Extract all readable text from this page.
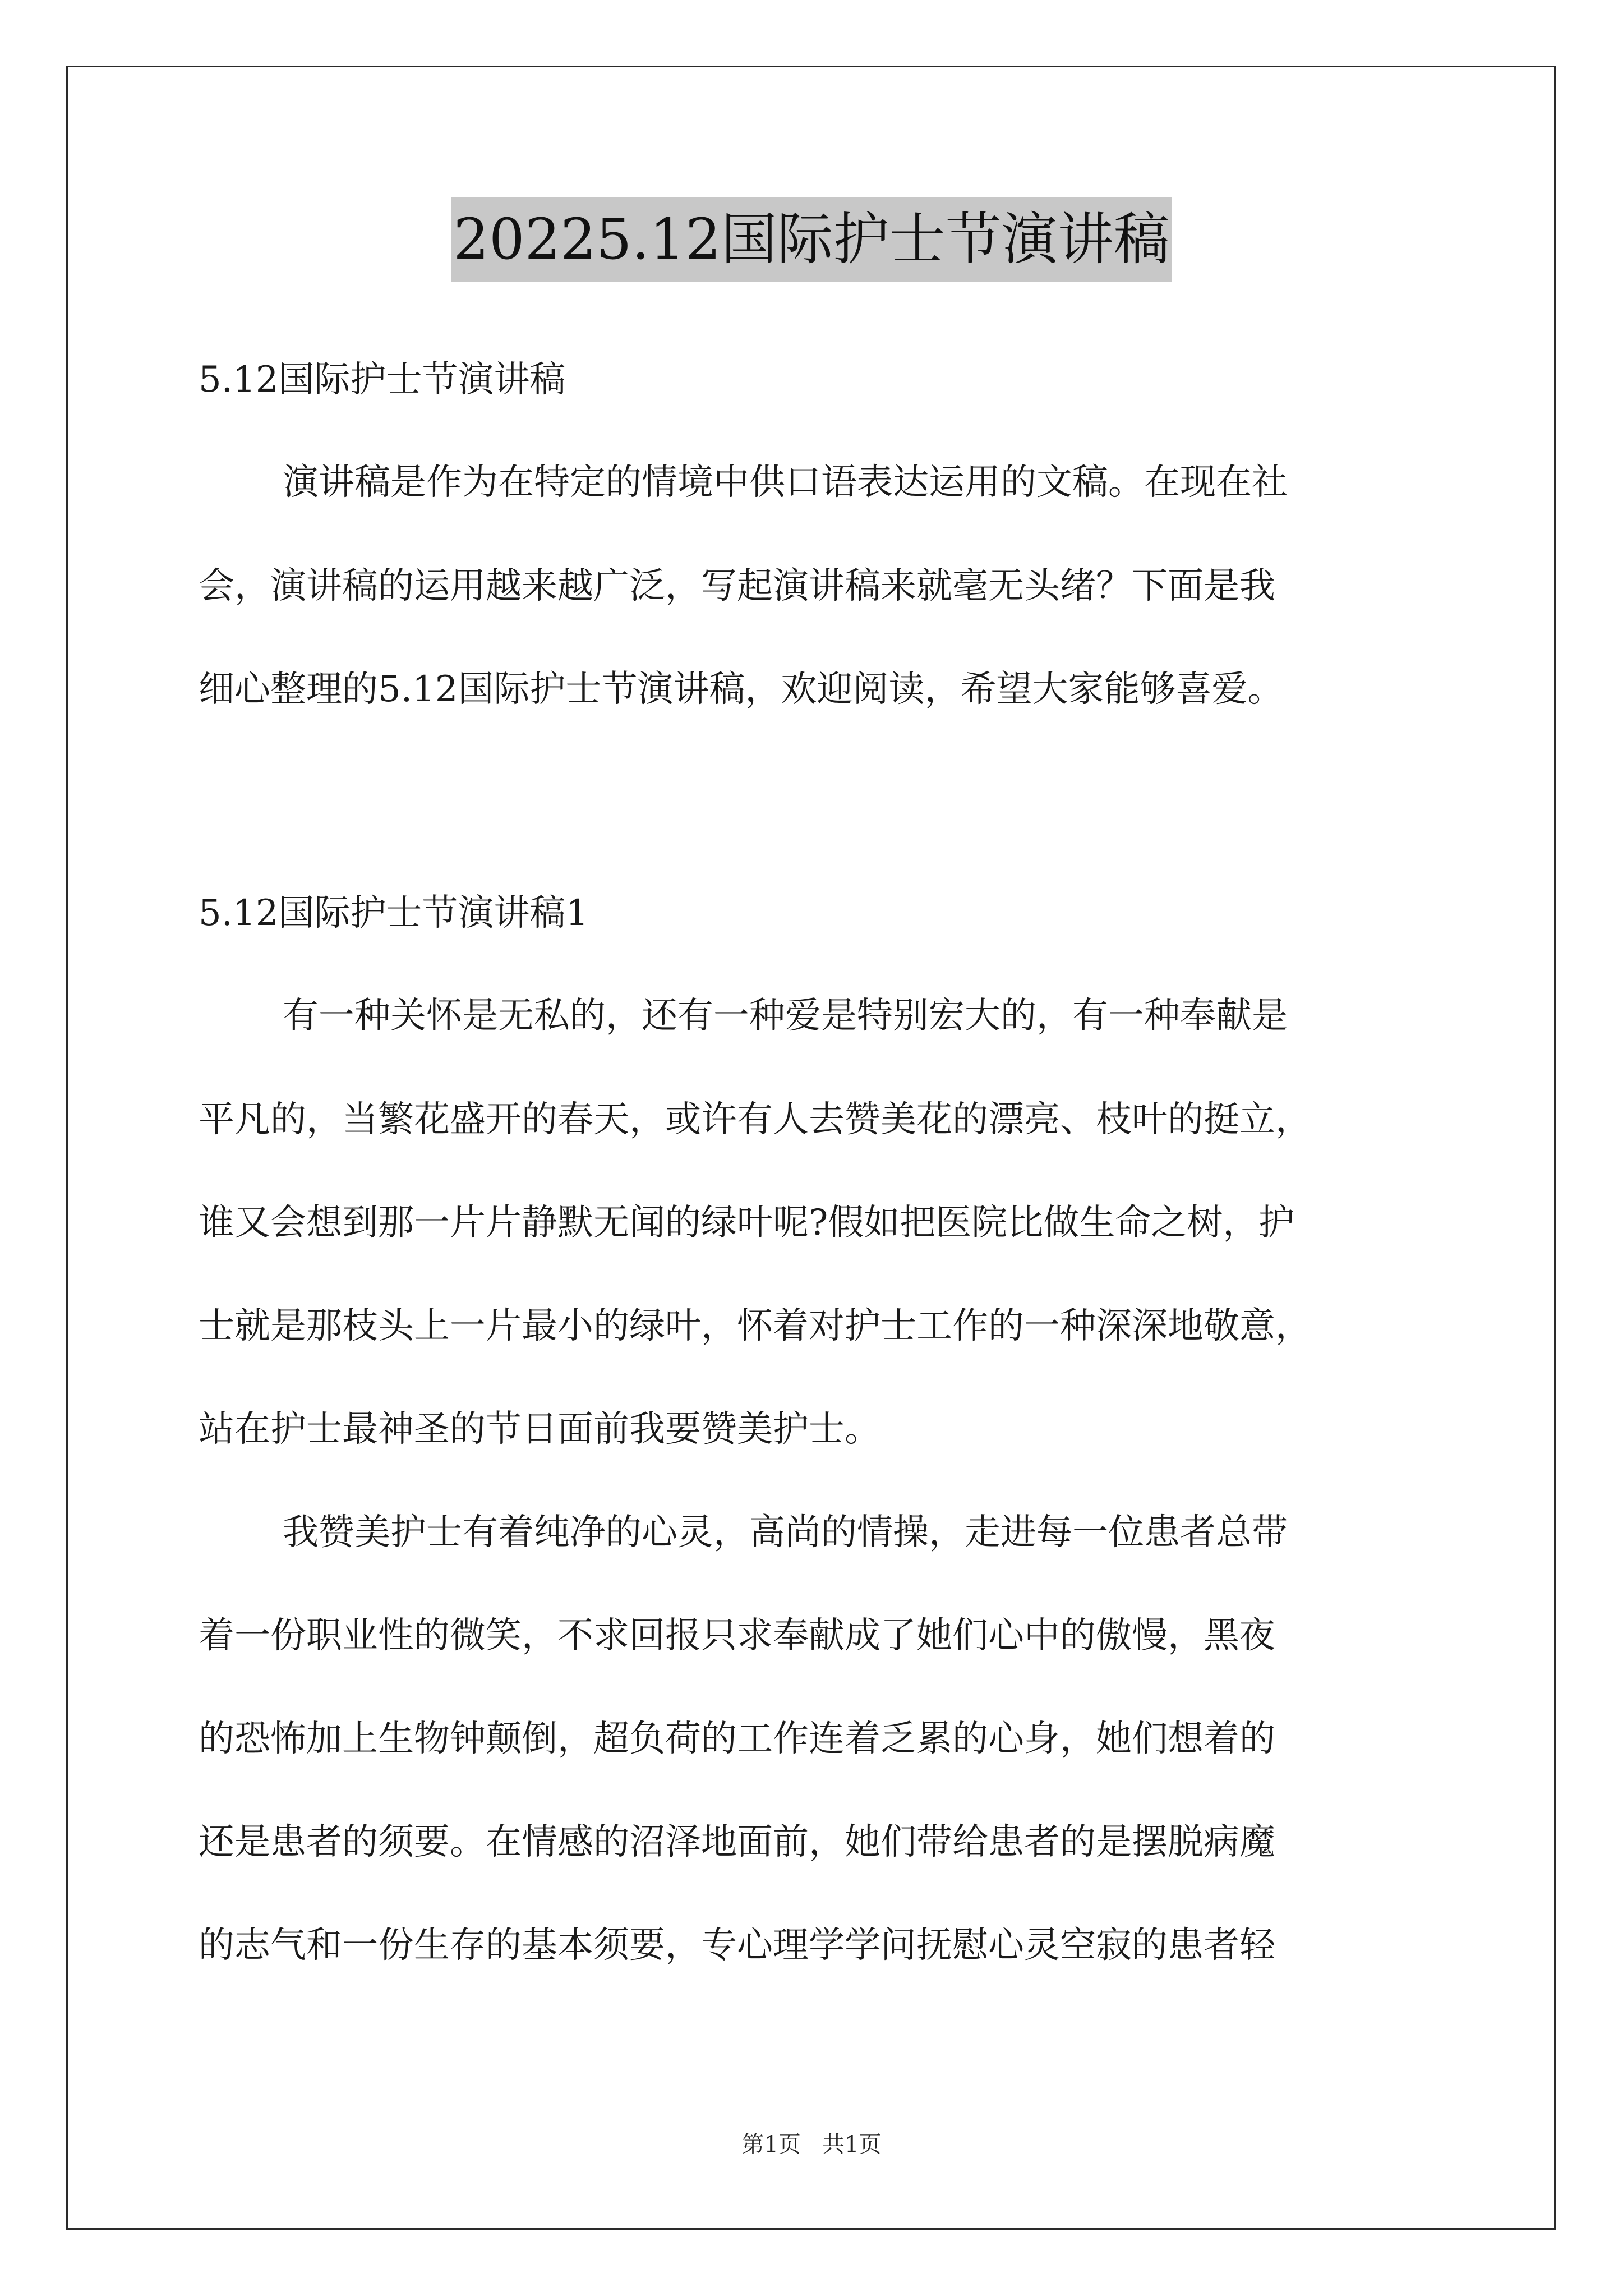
20225.12国际护士节演讲稿
5.12国际护士节演讲稿
演讲稿是作为在特定的情境中供口语表达运用的文稿。在现在社
会，演讲稿的运用越来越广泛，写起演讲稿来就毫无头绪？下面是我
细心整理的5.12国际护士节演讲稿，欢迎阅读，希望大家能够喜爱。
5.12国际护士节演讲稿1
有一种关怀是无私的，还有一种爱是特别宏大的，有一种奉献是
平凡的，当繁花盛开的春天，或许有人去赞美花的漂亮、枝叶的挺立，
谁又会想到那一片片静默无闻的绿叶呢?假如把医院比做生命之树，护
士就是那枝头上一片最小的绿叶，怀着对护士工作的一种深深地敬意，
站在护士最神圣的节日面前我要赞美护士。
我赞美护士有着纯净的心灵，高尚的情操，走进每一位患者总带
着一份职业性的微笑，不求回报只求奉献成了她们心中的傲慢，黑夜
的恐怖加上生物钟颠倒，超负荷的工作连着乏累的心身，她们想着的
还是患者的须要。在情感的沼泽地面前，她们带给患者的是摆脱病魔
的志气和一份生存的基本须要，专心理学学问抚慰心灵空寂的患者轻
第1页   共1页
